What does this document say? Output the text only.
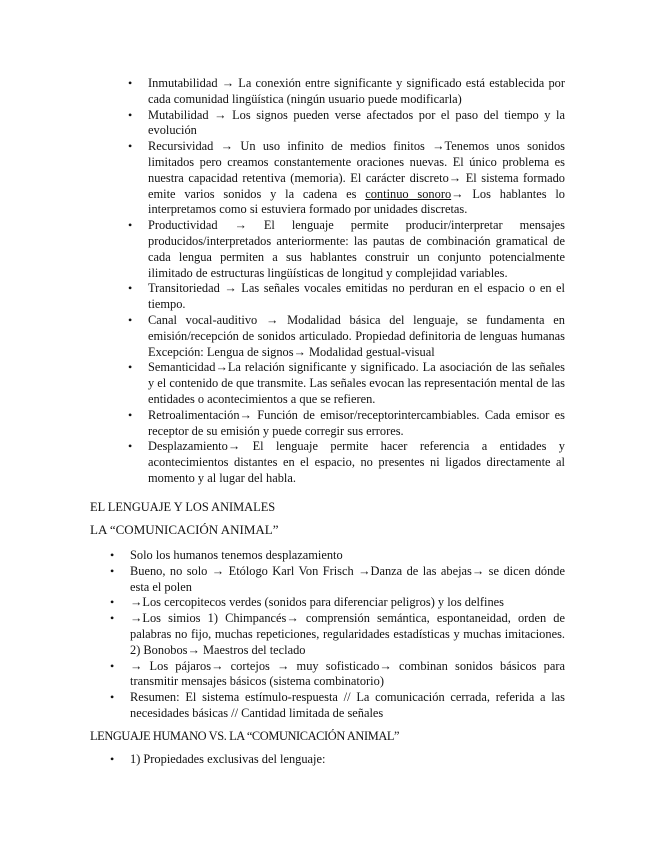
• Inmutabilidad → La conexión entre significante y significado está establecida por cada comunidad lingüística (ningún usuario puede modificarla)
• Mutabilidad → Los signos pueden verse afectados por el paso del tiempo y la evolución
• Recursividad → Un uso infinito de medios finitos →Tenemos unos sonidos limitados pero creamos constantemente oraciones nuevas. El único problema es nuestra capacidad retentiva (memoria). El carácter discreto→ El sistema formado emite varios sonidos y la cadena es continuo sonoro→ Los hablantes lo interpretamos como si estuviera formado por unidades discretas.
• Productividad → El lenguaje permite producir/interpretar mensajes producidos/interpretados anteriormente: las pautas de combinación gramatical de cada lengua permiten a sus hablantes construir un conjunto potencialmente ilimitado de estructuras lingüísticas de longitud y complejidad variables.
• Transitoriedad → Las señales vocales emitidas no perduran en el espacio o en el tiempo.
• Canal vocal-auditivo → Modalidad básica del lenguaje, se fundamenta en emisión/recepción de sonidos articulado. Propiedad definitoria de lenguas humanas Excepción: Lengua de signos→ Modalidad gestual-visual
• Semanticidad→La relación significante y significado. La asociación de las señales y el contenido de que transmite. Las señales evocan las representación mental de las entidades o acontecimientos a que se refieren.
• Retroalimentación→ Función de emisor/receptorintercambiables. Cada emisor es receptor de su emisión y puede corregir sus errores.
• Desplazamiento→ El lenguaje permite hacer referencia a entidades y acontecimientos distantes en el espacio, no presentes ni ligados directamente al momento y al lugar del habla.
EL LENGUAJE Y LOS ANIMALES
LA “COMUNICACIÓN ANIMAL”
• Solo los humanos tenemos desplazamiento
• Bueno, no solo → Etólogo Karl Von Frisch →Danza de las abejas→ se dicen dónde esta el polen
• →Los cercopitecos verdes (sonidos para diferenciar peligros) y los delfines
• →Los simios 1) Chimpancés→ comprensión semántica, espontaneidad, orden de palabras no fijo, muchas repeticiones, regularidades estadísticas y muchas imitaciones. 2) Bonobos→ Maestros del teclado
• → Los pájaros→ cortejos → muy sofisticado→ combinan sonidos básicos para transmitir mensajes básicos (sistema combinatorio)
• Resumen: El sistema estímulo-respuesta // La comunicación cerrada, referida a las necesidades básicas // Cantidad limitada de señales
LENGUAJE HUMANO VS. LA “COMUNICACIÓN ANIMAL”
• 1) Propiedades exclusivas del lenguaje:
